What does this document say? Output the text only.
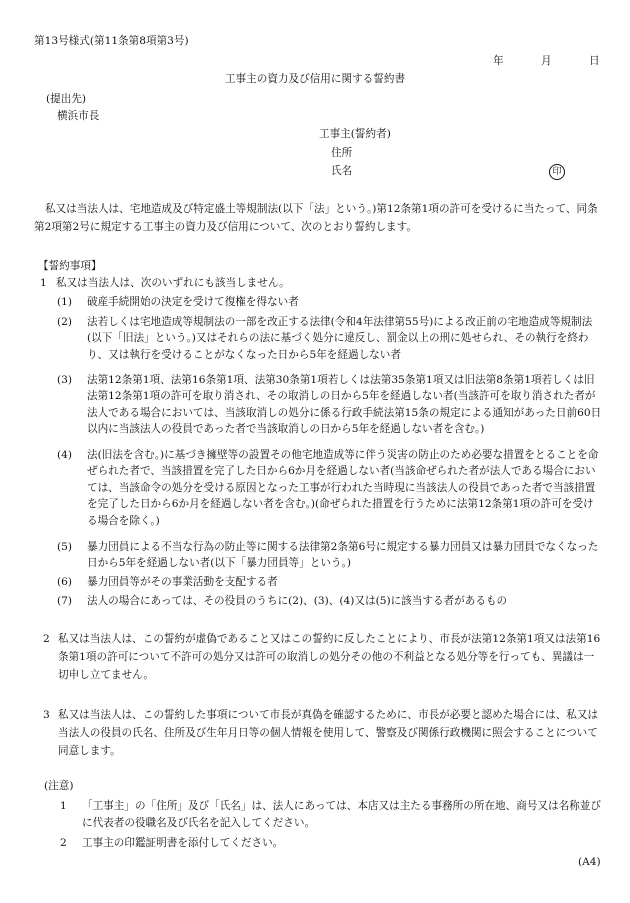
第13号様式(第11条第8項第3号)
年	月	日
工事主の資力及び信用に関する誓約書
(提出先)
横浜市長
工事主(誓約者)
住所
氏名	印
私又は当法人は、宅地造成及び特定盛土等規制法(以下「法」という。)第12条第1項の許可を受けるに当たって、同条第2項第2号に規定する工事主の資力及び信用について、次のとおり誓約します。
【誓約事項】
1 私又は当法人は、次のいずれにも該当しません。
(1)	破産手続開始の決定を受けて復権を得ない者
(2)	法若しくは宅地造成等規制法の一部を改正する法律(令和4年法律第55号)による改正前の宅地造成等規制法(以下「旧法」という。)又はそれらの法に基づく処分に違反し、罰金以上の刑に処せられ、その執行を終わり、又は執行を受けることがなくなった日から5年を経過しない者
(3)	法第12条第1項、法第16条第1項、法第30条第1項若しくは法第35条第1項又は旧法第8条第1項若しくは旧法第12条第1項の許可を取り消され、その取消しの日から5年を経過しない者(当該許可を取り消された者が法人である場合においては、当該取消しの処分に係る行政手続法第15条の規定による通知があった日前60日以内に当該法人の役員であった者で当該取消しの日から5年を経過しない者を含む。)
(4)	法(旧法を含む。)に基づき擁壁等の設置その他宅地造成等に伴う災害の防止のため必要な措置をとることを命ぜられた者で、当該措置を完了した日から6か月を経過しない者(当該命ぜられた者が法人である場合においては、当該命令の処分を受ける原因となった工事が行われた当時現に当該法人の役員であった者で当該措置を完了した日から6か月を経過しない者を含む。)(命ぜられた措置を行うために法第12条第1項の許可を受ける場合を除く。)
(5)	暴力団員による不当な行為の防止等に関する法律第2条第6号に規定する暴力団員又は暴力団員でなくなった日から5年を経過しない者(以下「暴力団員等」という。)
(6)	暴力団員等がその事業活動を支配する者
(7)	法人の場合にあっては、その役員のうちに(2)、(3)、(4)又は(5)に該当する者があるもの
2 私又は当法人は、この誓約が虚偽であること又はこの誓約に反したことにより、市長が法第12条第1項又は法第16条第1項の許可について不許可の処分又は許可の取消しの処分その他の不利益となる処分等を行っても、異議は一切申し立てません。
3 私又は当法人は、この誓約した事項について市長が真偽を確認するために、市長が必要と認めた場合には、私又は当法人の役員の氏名、住所及び生年月日等の個人情報を使用して、警察及び関係行政機関に照会することについて同意します。
(注意)
1	「工事主」の「住所」及び「氏名」は、法人にあっては、本店又は主たる事務所の所在地、商号又は名称並びに代表者の役職名及び氏名を記入してください。
2	工事主の印鑑証明書を添付してください。
(A4)
